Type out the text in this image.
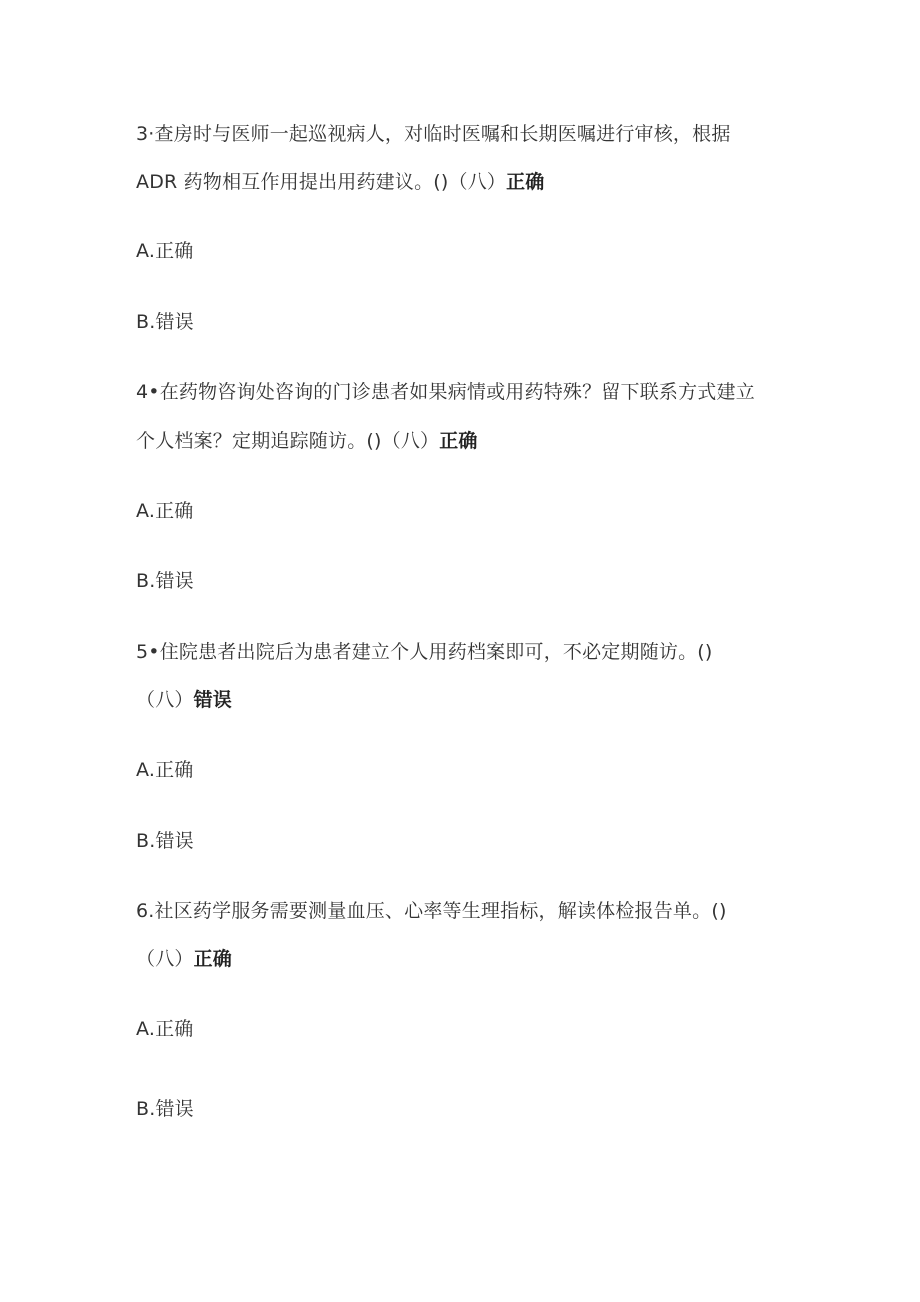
3·查房时与医师一起巡视病人，对临时医嘱和长期医嘱进行审核，根据
ADR 药物相互作用提出用药建议。()（八）正确
A.正确
B.错误
4•在药物咨询处咨询的门诊患者如果病情或用药特殊？留下联系方式建立
个人档案？定期追踪随访。()（八）正确
A.正确
B.错误
5•住院患者出院后为患者建立个人用药档案即可，不必定期随访。()
（八）错误
A.正确
B.错误
6.社区药学服务需要测量血压、心率等生理指标，解读体检报告单。()
（八）正确
A.正确
B.错误
